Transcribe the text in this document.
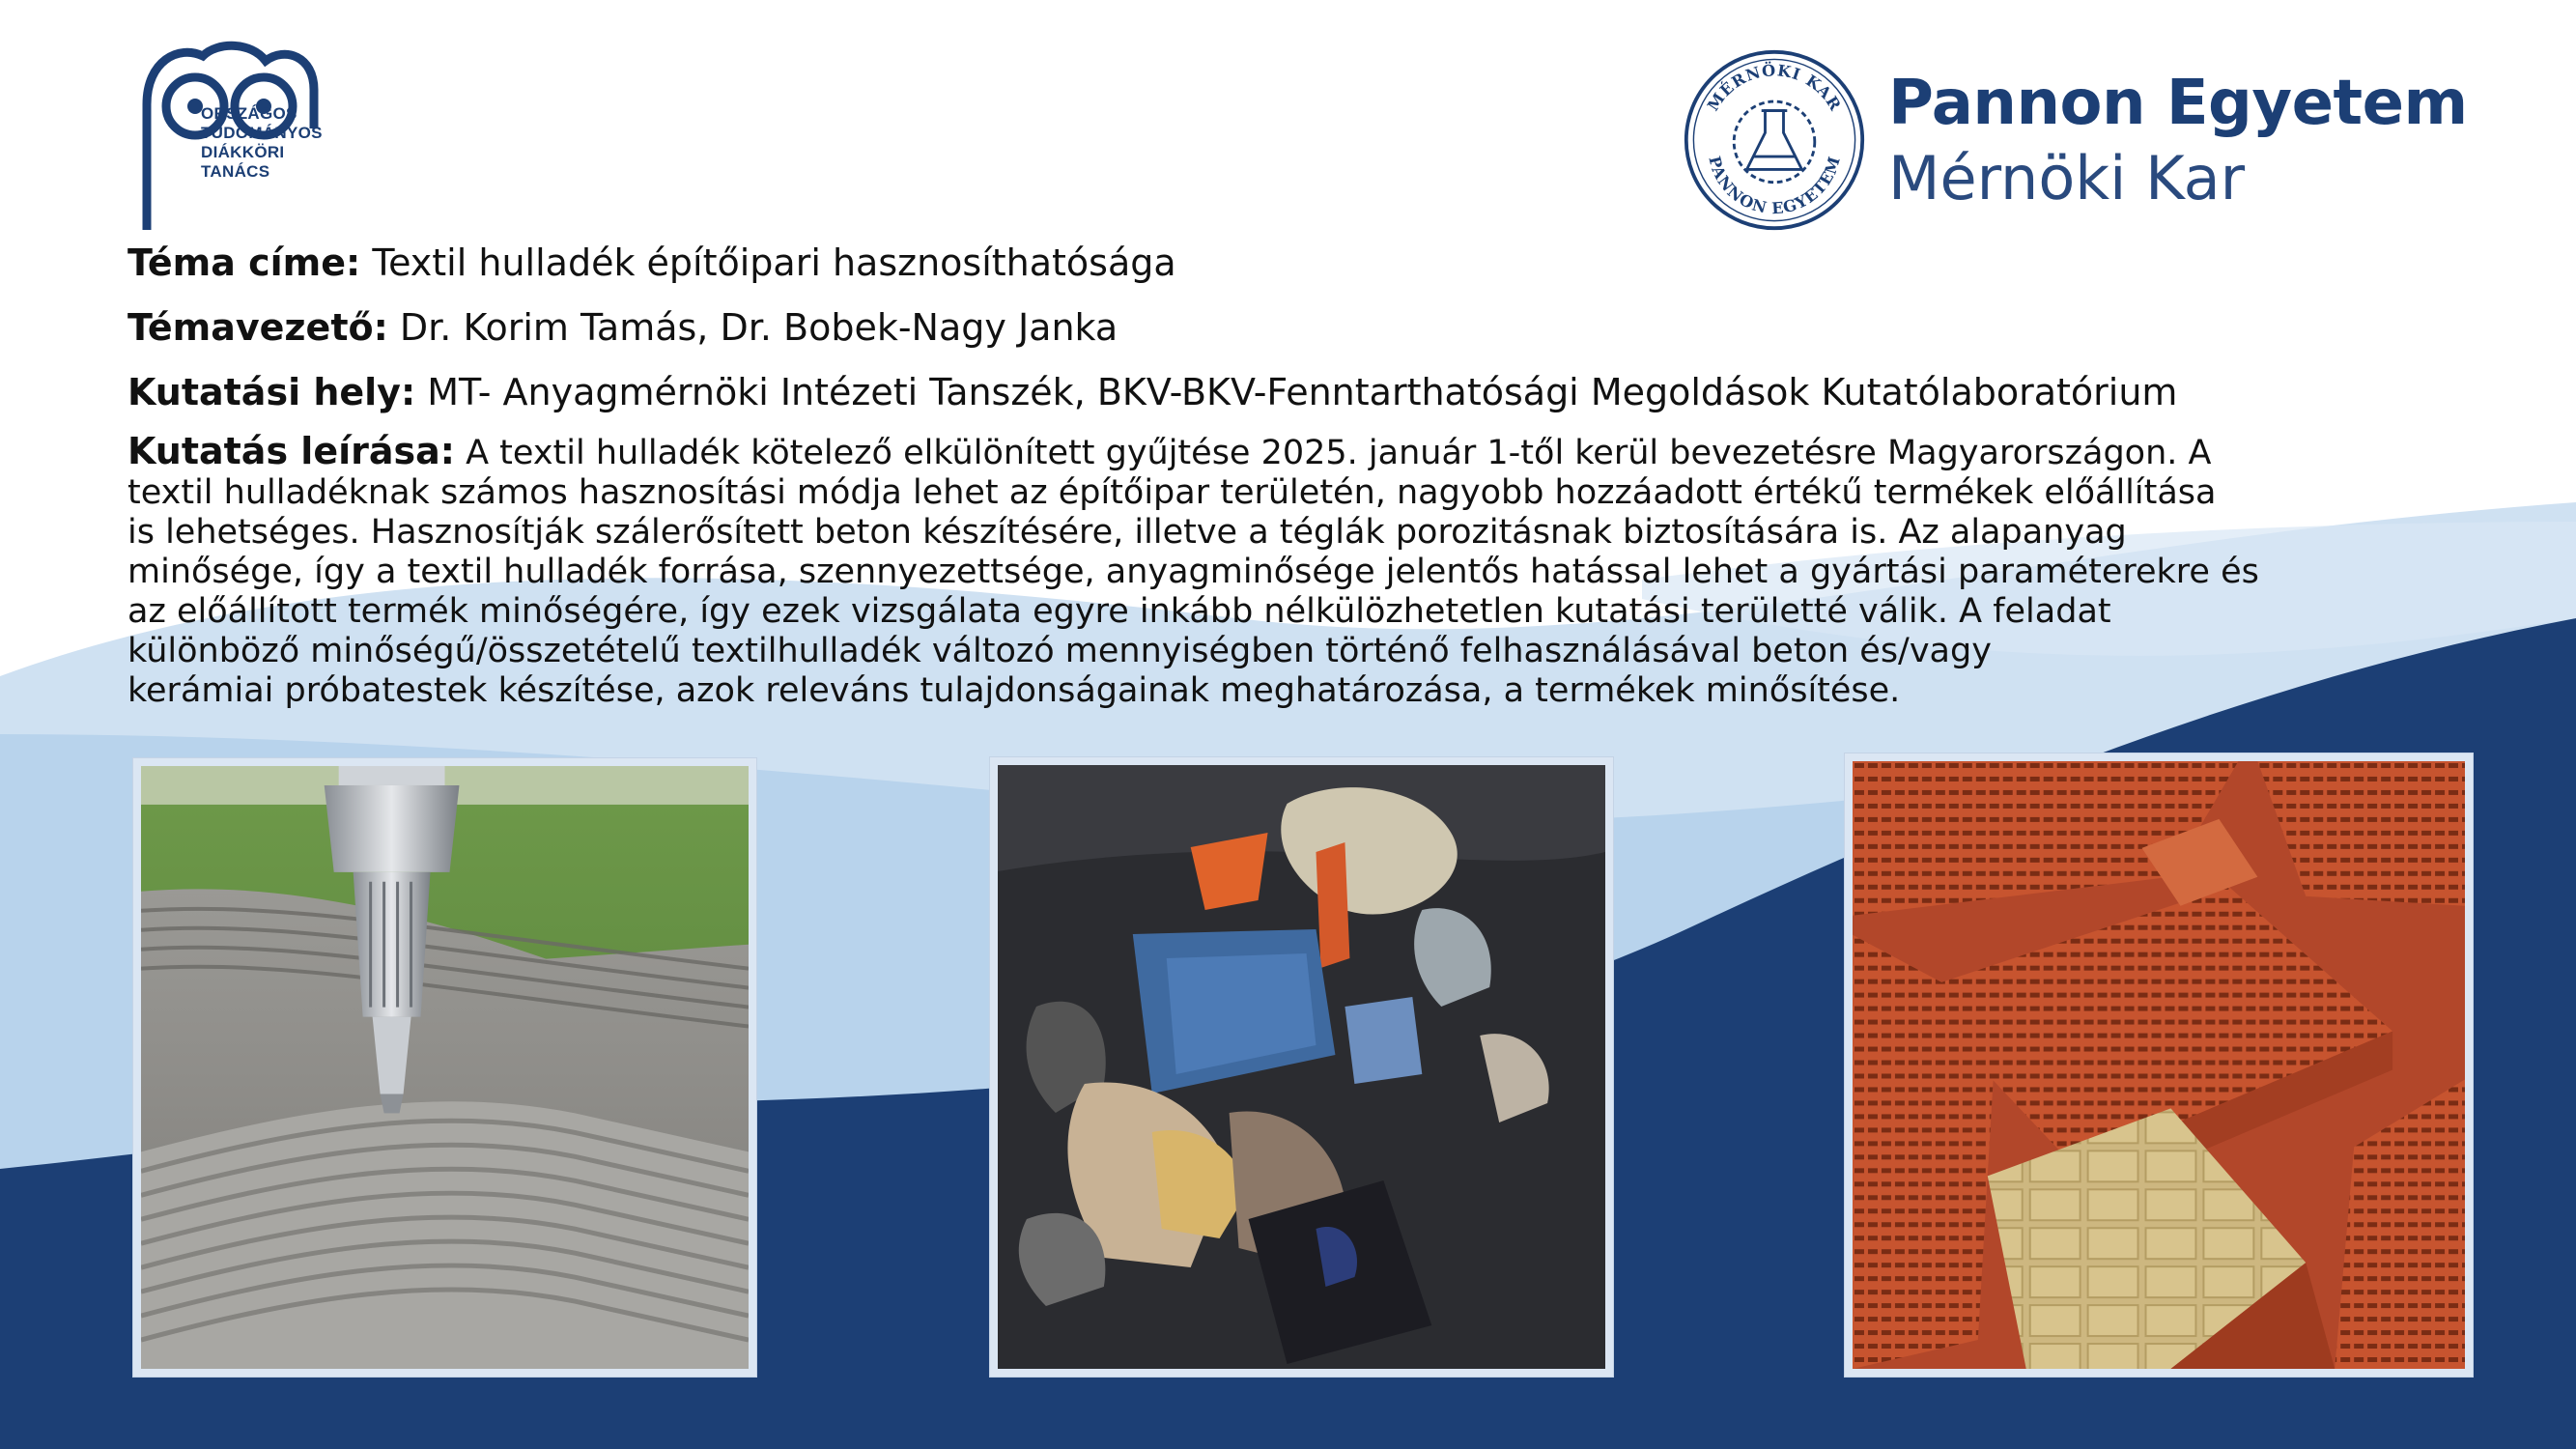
ORSZÁGOS
TUDOMÁNYOS
DIÁKKÖRI
TANÁCS
MÉRNÖKI KAR
PANNON EGYETEM
Pannon Egyetem
Mérnöki Kar
Téma címe: Textil hulladék építőipari hasznosíthatósága
Témavezető: Dr. Korim Tamás, Dr. Bobek-Nagy Janka
Kutatási hely: MT- Anyagmérnöki Intézeti Tanszék, BKV-BKV-Fenntarthatósági Megoldások Kutatólaboratórium
Kutatás leírása: A textil hulladék kötelező elkülönített gyűjtése 2025. január 1-től kerül bevezetésre Magyarországon. A
textil hulladéknak számos hasznosítási módja lehet az építőipar területén, nagyobb hozzáadott értékű termékek előállítása
is lehetséges. Hasznosítják szálerősített beton készítésére, illetve a téglák porozitásnak biztosítására is. Az alapanyag
minősége, így a textil hulladék forrása, szennyezettsége, anyagminősége jelentős hatással lehet a gyártási paraméterekre és
az előállított termék minőségére, így ezek vizsgálata egyre inkább nélkülözhetetlen kutatási területté válik. A feladat
különböző minőségű/összetételű textilhulladék változó mennyiségben történő felhasználásával beton és/vagy
kerámiai próbatestek készítése, azok releváns tulajdonságainak meghatározása, a termékek minősítése.
